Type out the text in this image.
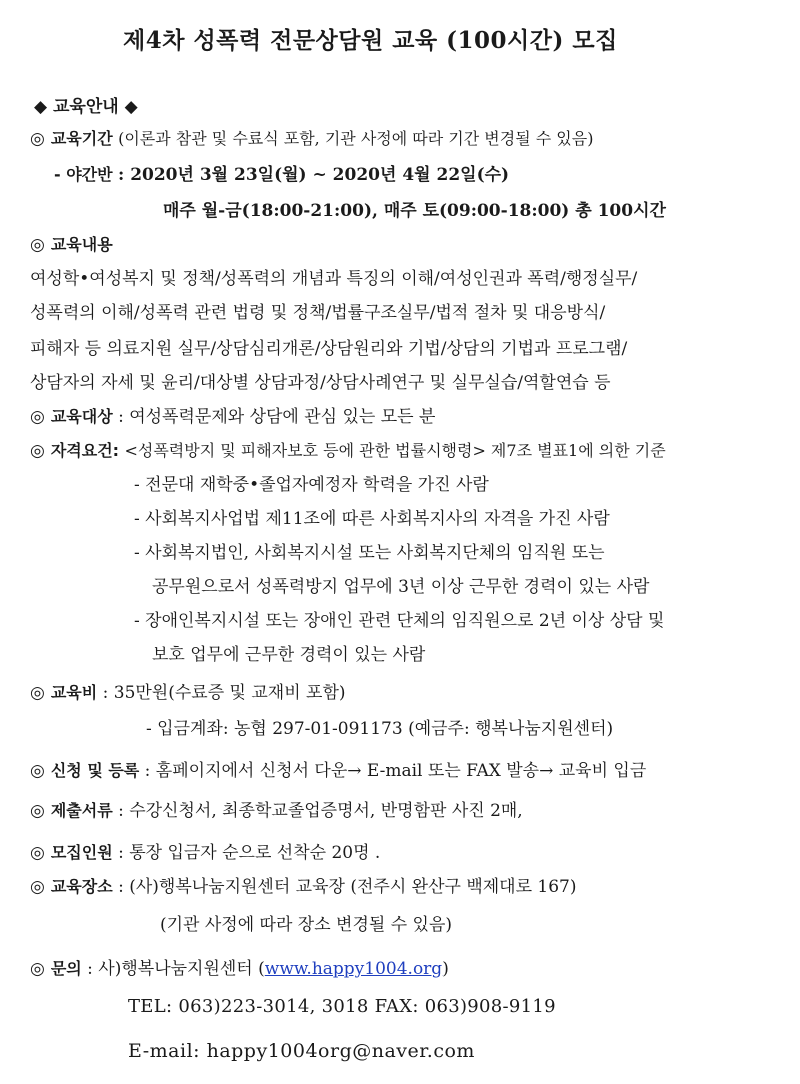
제4차 성폭력 전문상담원 교육 (100시간) 모집
◆ 교육안내 ◆
◎ 교육기간 (이론과 참관 및 수료식 포함, 기관 사정에 따라 기간 변경될 수 있음)
- 야간반 : 2020년 3월 23일(월) ~ 2020년 4월 22일(수)
매주 월-금(18:00-21:00), 매주 토(09:00-18:00) 총 100시간
◎ 교육내용
여성학•여성복지 및 정책/성폭력의 개념과 특징의 이해/여성인권과 폭력/행정실무/
성폭력의 이해/성폭력 관련 법령 및 정책/법률구조실무/법적 절차 및 대응방식/
피해자 등 의료지원 실무/상담심리개론/상담원리와 기법/상담의 기법과 프로그램/
상담자의 자세 및 윤리/대상별 상담과정/상담사례연구 및 실무실습/역할연습 등
◎ 교육대상 : 여성폭력문제와 상담에 관심 있는 모든 분
◎ 자격요건: <성폭력방지 및 피해자보호 등에 관한 법률시행령> 제7조 별표1에 의한 기준
- 전문대 재학중•졸업자예정자 학력을 가진 사람
- 사회복지사업법 제11조에 따른 사회복지사의 자격을 가진 사람
- 사회복지법인, 사회복지시설 또는 사회복지단체의 임직원 또는
공무원으로서 성폭력방지 업무에 3년 이상 근무한 경력이 있는 사람
- 장애인복지시설 또는 장애인 관련 단체의 임직원으로 2년 이상 상담 및
보호 업무에 근무한 경력이 있는 사람
◎ 교육비 : 35만원(수료증 및 교재비 포함)
- 입금계좌: 농협 297-01-091173 (예금주: 행복나눔지원센터)
◎ 신청 및 등록 : 홈페이지에서 신청서 다운→ E-mail 또는 FAX 발송→ 교육비 입금
◎ 제출서류 : 수강신청서, 최종학교졸업증명서, 반명함판 사진 2매,
◎ 모집인원 : 통장 입금자 순으로 선착순 20명 .
◎ 교육장소 : (사)행복나눔지원센터 교육장 (전주시 완산구 백제대로 167)
(기관 사정에 따라 장소 변경될 수 있음)
◎ 문의 : 사)행복나눔지원센터 (www.happy1004.org)
TEL: 063)223-3014, 3018 FAX: 063)908-9119
E-mail: happy1004org@naver.com
